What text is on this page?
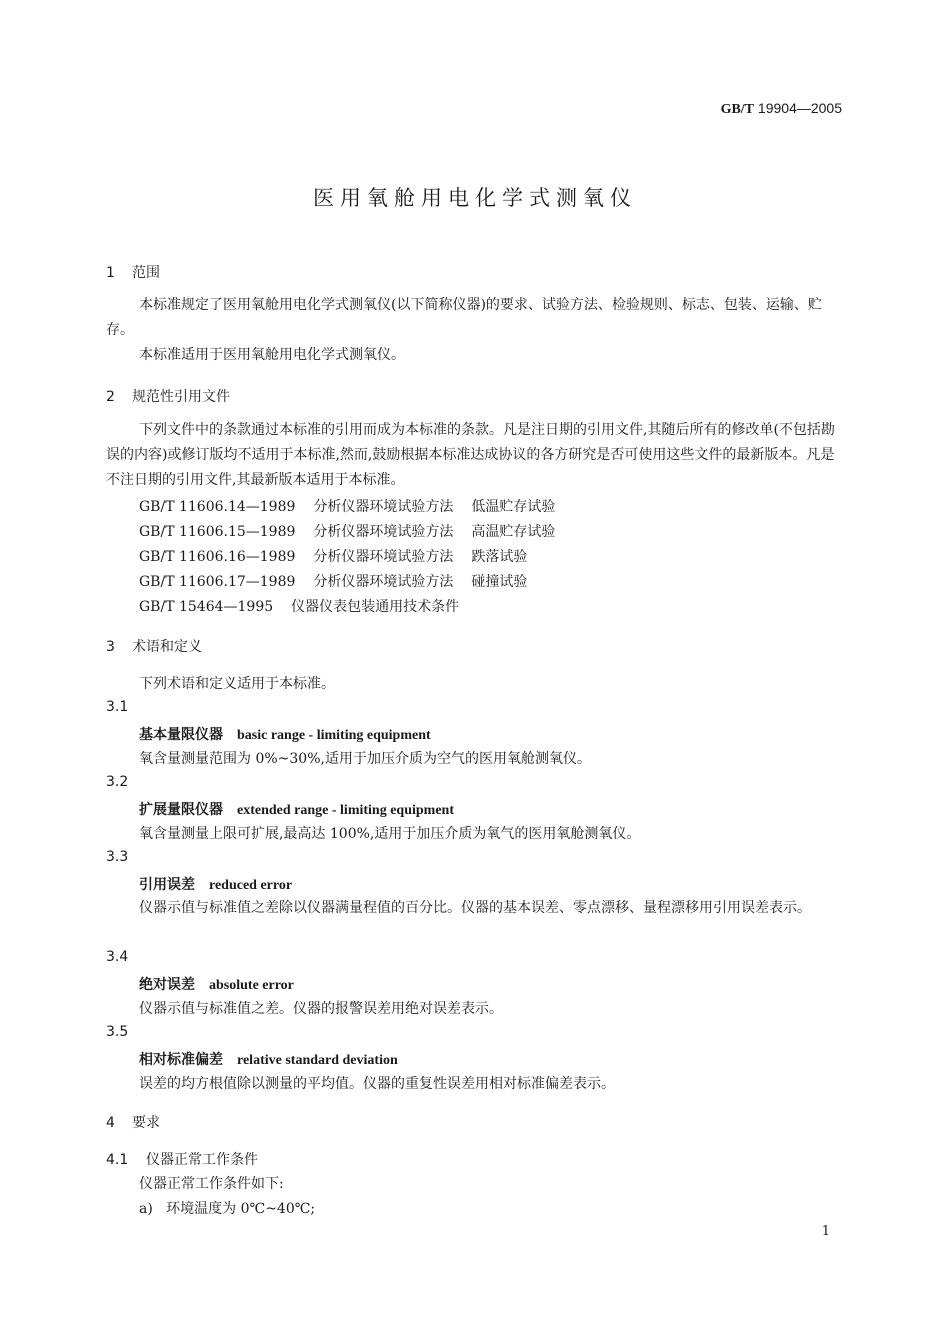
GB/T 19904—2005
医用氧舱用电化学式测氧仪
1 范围
本标准规定了医用氧舱用电化学式测氧仪(以下简称仪器)的要求、试验方法、检验规则、标志、包装、运输、贮存。
本标准适用于医用氧舱用电化学式测氧仪。
2 规范性引用文件
下列文件中的条款通过本标准的引用而成为本标准的条款。凡是注日期的引用文件,其随后所有的修改单(不包括勘误的内容)或修订版均不适用于本标准,然而,鼓励根据本标准达成协议的各方研究是否可使用这些文件的最新版本。凡是不注日期的引用文件,其最新版本适用于本标准。
GB/T 11606.14—1989 分析仪器环境试验方法 低温贮存试验
GB/T 11606.15—1989 分析仪器环境试验方法 高温贮存试验
GB/T 11606.16—1989 分析仪器环境试验方法 跌落试验
GB/T 11606.17—1989 分析仪器环境试验方法 碰撞试验
GB/T 15464—1995 仪器仪表包装通用技术条件
3 术语和定义
下列术语和定义适用于本标准。
3.1
基本量限仪器 basic range - limiting equipment
氧含量测量范围为 0%~30%,适用于加压介质为空气的医用氧舱测氧仪。
3.2
扩展量限仪器 extended range - limiting equipment
氧含量测量上限可扩展,最高达 100%,适用于加压介质为氧气的医用氧舱测氧仪。
3.3
引用误差 reduced error
仪器示值与标准值之差除以仪器满量程值的百分比。仪器的基本误差、零点漂移、量程漂移用引用误差表示。
3.4
绝对误差 absolute error
仪器示值与标准值之差。仪器的报警误差用绝对误差表示。
3.5
相对标准偏差 relative standard deviation
误差的均方根值除以测量的平均值。仪器的重复性误差用相对标准偏差表示。
4 要求
4.1 仪器正常工作条件
仪器正常工作条件如下:
a) 环境温度为 0℃~40℃;
1
